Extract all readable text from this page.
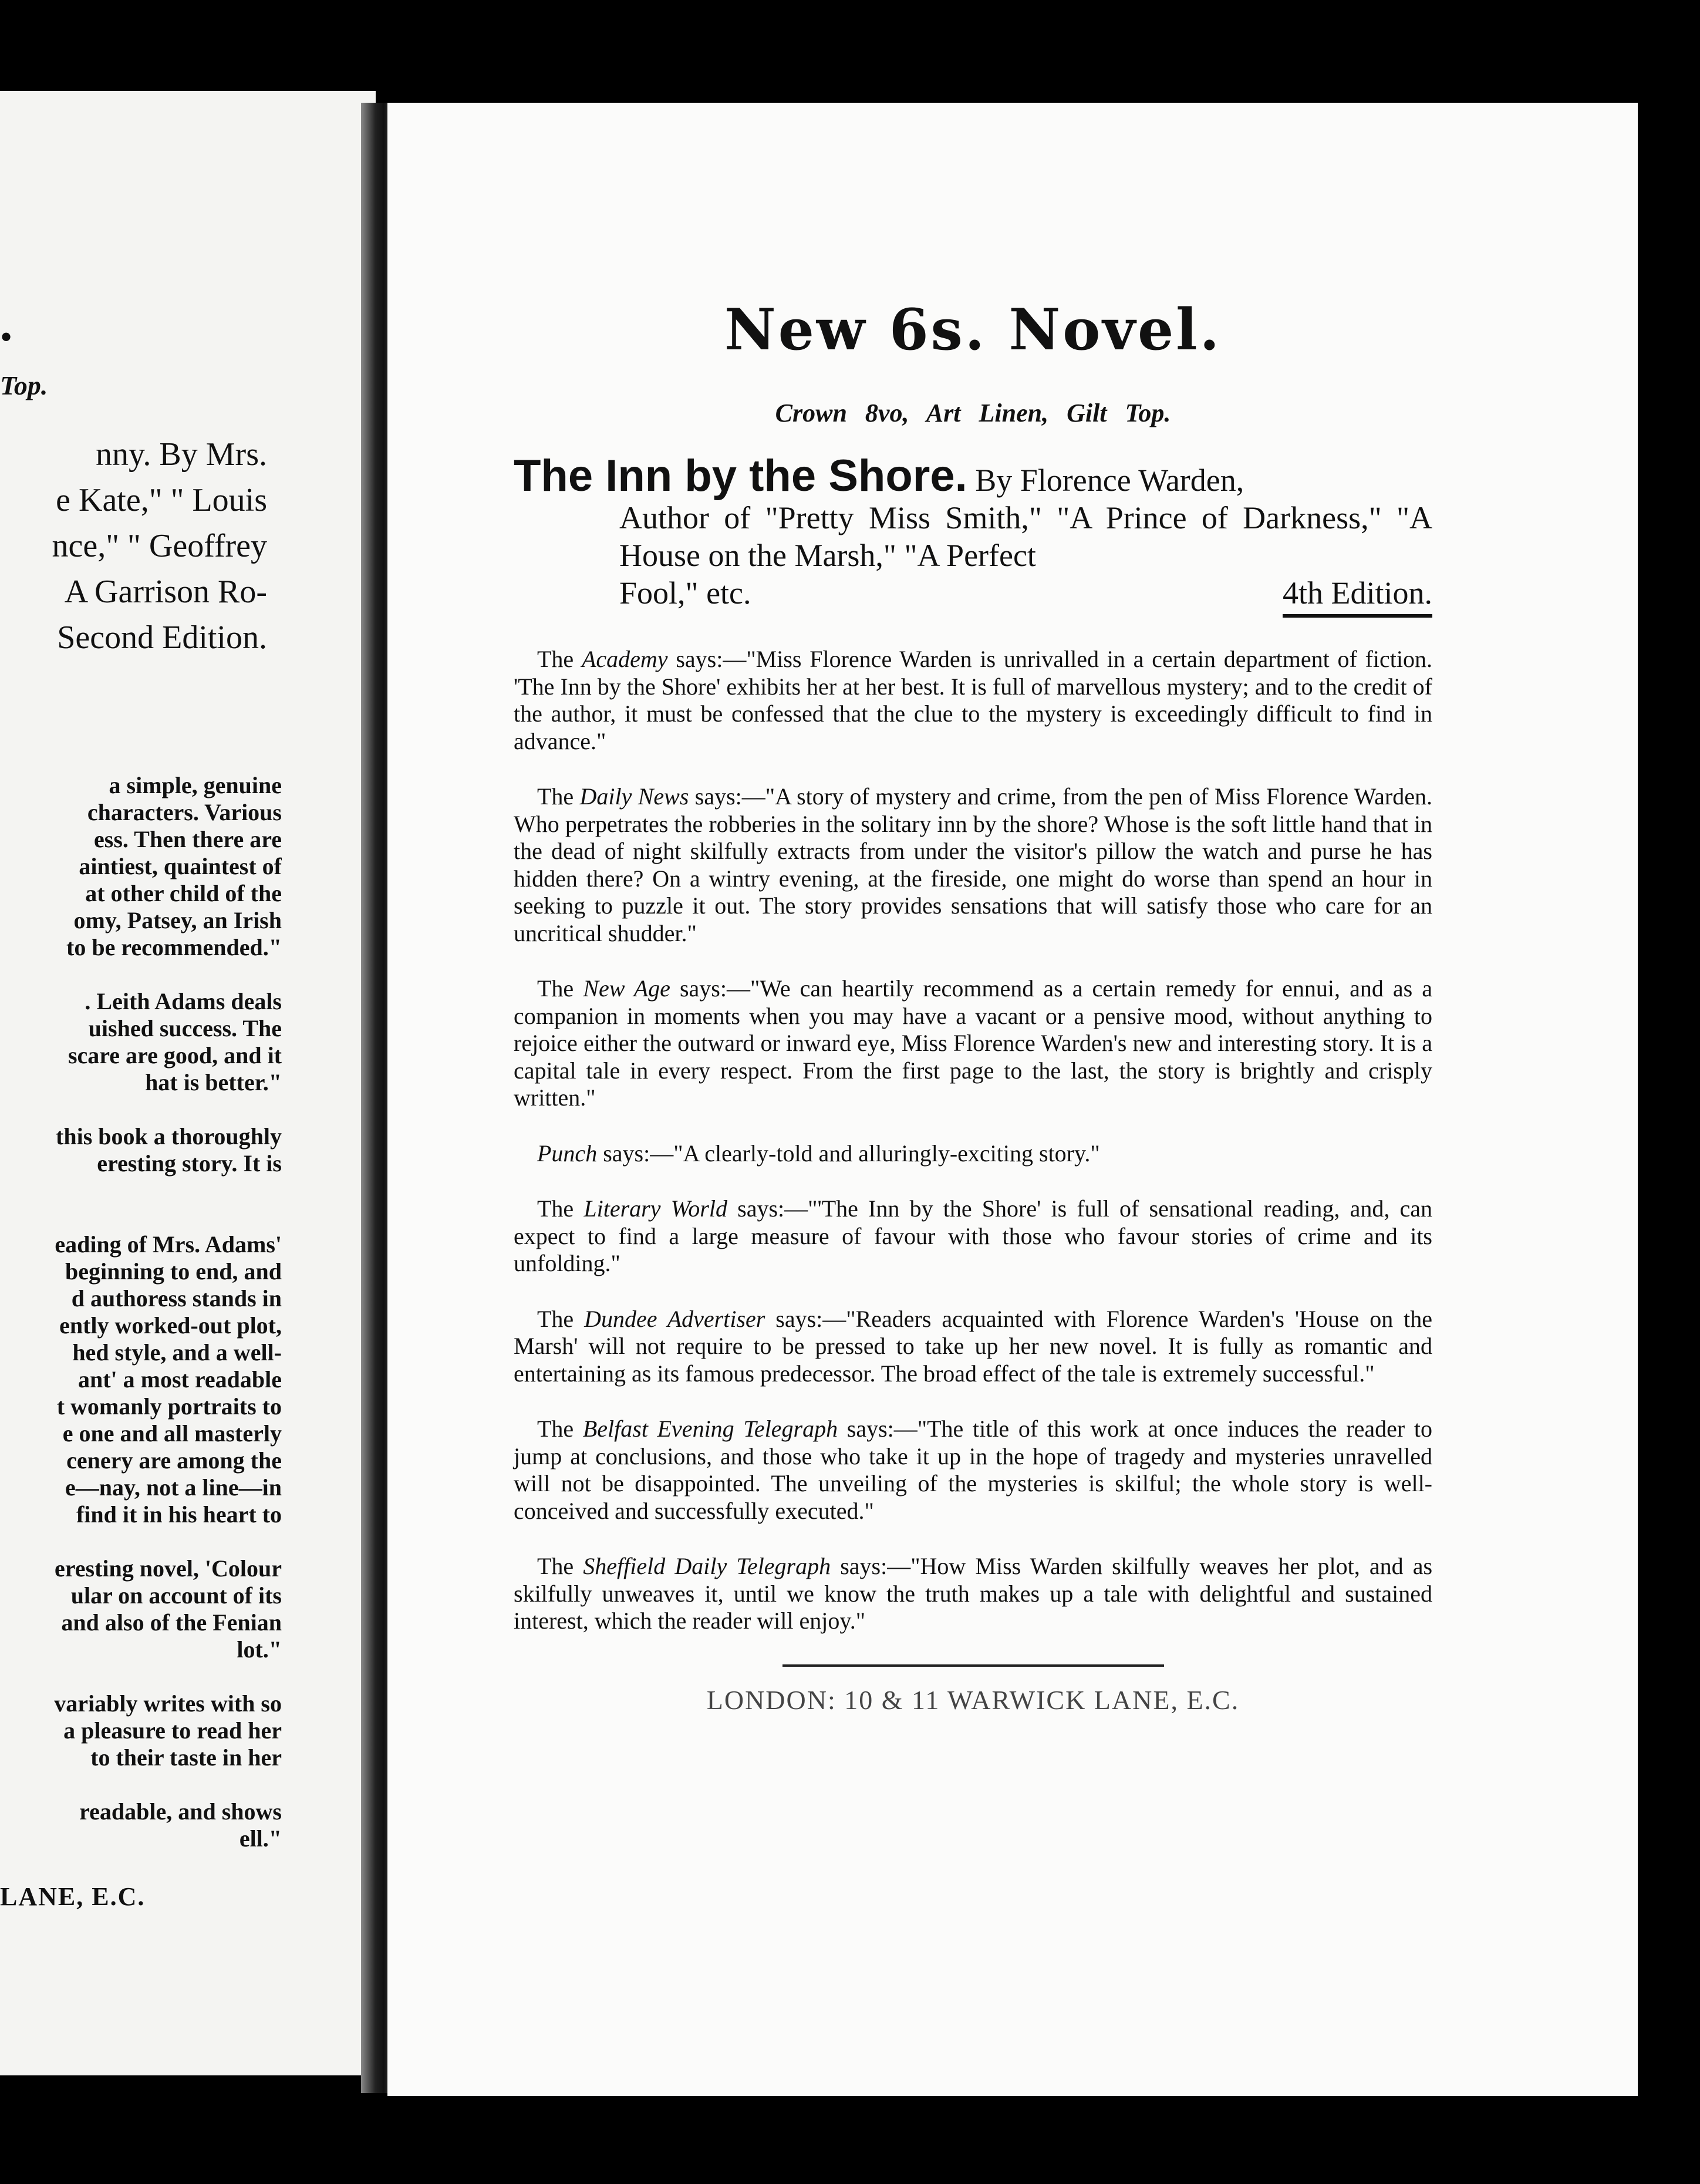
•
Top.
nny. By Mrs.
e Kate," " Louis
nce," " Geoffrey
A Garrison Ro-
Second Edition.
a simple, genuine
characters. Various
ess. Then there are
aintiest, quaintest of
at other child of the
omy, Patsey, an Irish
to be recommended."

. Leith Adams deals
uished success. The
scare are good, and it
hat is better."

this book a thoroughly
eresting story. It is

eading of Mrs. Adams'
beginning to end, and
d authoress stands in
ently worked-out plot,
hed style, and a well-
ant' a most readable
t womanly portraits to
e one and all masterly
cenery are among the
e—nay, not a line—in
find it in his heart to

eresting novel, 'Colour
ular on account of its
and also of the Fenian
lot."

variably writes with so
a pleasure to read her
to their taste in her

readable, and shows
ell."
LANE, E.C.
New 6s. Novel.
Crown 8vo, Art Linen, Gilt Top.
The Inn by the Shore. By Florence Warden,
Author of "Pretty Miss Smith," "A Prince of Darkness," "A House on the Marsh," "A Perfect
Fool," etc.	4th Edition.

The Academy says:—"Miss Florence Warden is unrivalled in a certain department of fiction. 'The Inn by the Shore' exhibits her at her best. It is full of marvellous mystery; and to the credit of the author, it must be confessed that the clue to the mystery is exceedingly difficult to find in advance."

The Daily News says:—"A story of mystery and crime, from the pen of Miss Florence Warden. Who perpetrates the robberies in the solitary inn by the shore? Whose is the soft little hand that in the dead of night skilfully extracts from under the visitor's pillow the watch and purse he has hidden there? On a wintry evening, at the fireside, one might do worse than spend an hour in seeking to puzzle it out. The story provides sensations that will satisfy those who care for an uncritical shudder."

The New Age says:—"We can heartily recommend as a certain remedy for ennui, and as a companion in moments when you may have a vacant or a pensive mood, without anything to rejoice either the outward or inward eye, Miss Florence Warden's new and interesting story. It is a capital tale in every respect. From the first page to the last, the story is brightly and crisply written."

Punch says:—"A clearly-told and alluringly-exciting story."

The Literary World says:—"'The Inn by the Shore' is full of sensational reading, and, can expect to find a large measure of favour with those who favour stories of crime and its unfolding."

The Dundee Advertiser says:—"Readers acquainted with Florence Warden's 'House on the Marsh' will not require to be pressed to take up her new novel. It is fully as romantic and entertaining as its famous predecessor. The broad effect of the tale is extremely successful."

The Belfast Evening Telegraph says:—"The title of this work at once induces the reader to jump at conclusions, and those who take it up in the hope of tragedy and mysteries unravelled will not be disappointed. The unveiling of the mysteries is skilful; the whole story is well-conceived and successfully executed."

The Sheffield Daily Telegraph says:—"How Miss Warden skilfully weaves her plot, and as skilfully unweaves it, until we know the truth makes up a tale with delightful and sustained interest, which the reader will enjoy."

LONDON: 10 & 11 WARWICK LANE, E.C.
